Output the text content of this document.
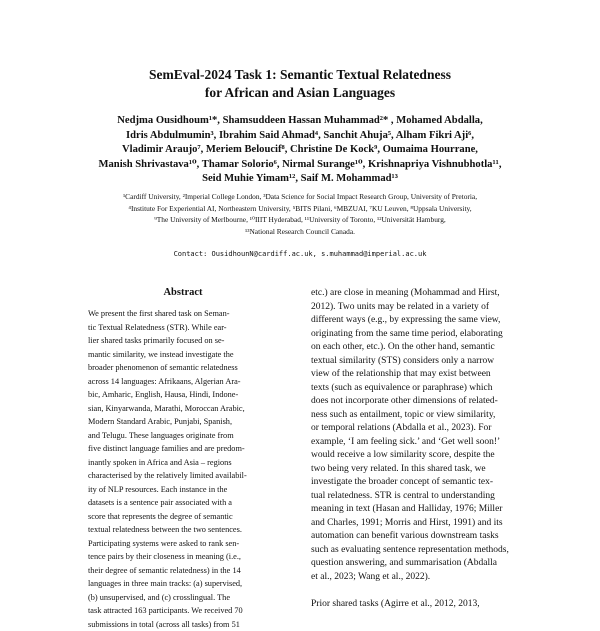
SemEval-2024 Task 1: Semantic Textual Relatedness
for African and Asian Languages
Nedjma Ousidhoum¹*, Shamsuddeen Hassan Muhammad²* , Mohamed Abdalla,
Idris Abdulmumin³, Ibrahim Said Ahmad⁴, Sanchit Ahuja⁵, Alham Fikri Aji⁶,
Vladimir Araujo⁷, Meriem Beloucif⁸, Christine De Kock⁹, Oumaima Hourrane,
Manish Shrivastava¹⁰, Thamar Solorio⁶, Nirmal Surange¹⁰, Krishnapriya Vishnubhotla¹¹,
Seid Muhie Yimam¹², Saif M. Mohammad¹³
¹Cardiff University, ²Imperial College London, ³Data Science for Social Impact Research Group, University of Pretoria,
⁴Institute For Experiential AI, Northeastern University, ⁵BITS Pilani, ⁶MBZUAI, ⁷KU Leuven, ⁸Uppsala University,
⁹The University of Merlbourne, ¹⁰IIIT Hyderabad, ¹¹University of Toronto, ¹²Universität Hamburg,
¹³National Research Council Canada.
Contact: OusidhounN@cardiff.ac.uk, s.muhammad@imperial.ac.uk
Abstract
We present the first shared task on Seman-
tic Textual Relatedness (STR). While ear-
lier shared tasks primarily focused on se-
mantic similarity, we instead investigate the
broader phenomenon of semantic relatedness
across 14 languages: Afrikaans, Algerian Ara-
bic, Amharic, English, Hausa, Hindi, Indone-
sian, Kinyarwanda, Marathi, Moroccan Arabic,
Modern Standard Arabic, Punjabi, Spanish,
and Telugu. These languages originate from
five distinct language families and are predom-
inantly spoken in Africa and Asia – regions
characterised by the relatively limited availabil-
ity of NLP resources. Each instance in the
datasets is a sentence pair associated with a
score that represents the degree of semantic
textual relatedness between the two sentences.
Participating systems were asked to rank sen-
tence pairs by their closeness in meaning (i.e.,
their degree of semantic relatedness) in the 14
languages in three main tracks: (a) supervised,
(b) unsupervised, and (c) crosslingual. The
task attracted 163 participants. We received 70
submissions in total (across all tasks) from 51
etc.) are close in meaning (Mohammad and Hirst,
2012). Two units may be related in a variety of
different ways (e.g., by expressing the same view,
originating from the same time period, elaborating
on each other, etc.). On the other hand, semantic
textual similarity (STS) considers only a narrow
view of the relationship that may exist between
texts (such as equivalence or paraphrase) which
does not incorporate other dimensions of related-
ness such as entailment, topic or view similarity,
or temporal relations (Abdalla et al., 2023). For
example, ‘I am feeling sick.’ and ‘Get well soon!’
would receive a low similarity score, despite the
two being very related. In this shared task, we
investigate the broader concept of semantic tex-
tual relatedness. STR is central to understanding
meaning in text (Hasan and Halliday, 1976; Miller
and Charles, 1991; Morris and Hirst, 1991) and its
automation can benefit various downstream tasks
such as evaluating sentence representation methods,
question answering, and summarisation (Abdalla
et al., 2023; Wang et al., 2022).
Prior shared tasks (Agirre et al., 2012, 2013,
